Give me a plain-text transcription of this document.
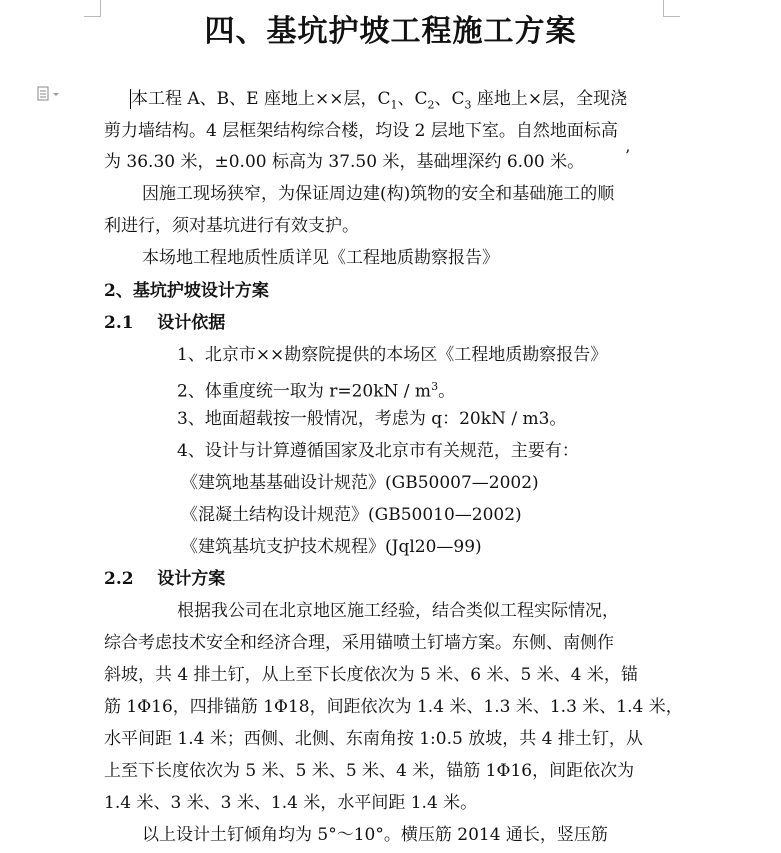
四、基坑护坡工程施工方案
本工程 A、B、E 座地上××层，$C_1$、$C_2$、$C_3$ 座地上×层，全现浇
剪力墙结构。4 层框架结构综合楼，均设 2 层地下室。自然地面标高
为 36.30 米，±0.00 标高为 37.50 米，基础埋深约 6.00 米。	’
因施工现场狭窄，为保证周边建(构)筑物的安全和基础施工的顺
利进行，须对基坑进行有效支护。
本场地工程地质性质详见《工程地质勘察报告》
2、基坑护坡设计方案
2.1    设计依据
1、北京市××勘察院提供的本场区《工程地质勘察报告》
2、体重度统一取为 $r=20kN / m^3$。
3、地面超载按一般情况，考虑为 q：20kN / m3。
4、设计与计算遵循国家及北京市有关规范，主要有：
《建筑地基基础设计规范》(GB50007—2002)
《混凝土结构设计规范》(GB50010—2002)
《建筑基坑支护技术规程》(Jql20—99)
2.2    设计方案
根据我公司在北京地区施工经验，结合类似工程实际情况，
综合考虑技术安全和经济合理，采用锚喷土钉墙方案。东侧、南侧作
斜坡，共 4 排土钉，从上至下长度依次为 5 米、6 米、5 米、4 米，锚
筋 1Φ16，四排锚筋 1Φ18，间距依次为 1.4 米、1.3 米、1.3 米、1.4 米，
水平间距 1.4 米；西侧、北侧、东南角按 1:0.5 放坡，共 4 排土钉，从
上至下长度依次为 5 米、5 米、5 米、4 米，锚筋 1Φ16，间距依次为
1.4 米、3 米、3 米、1.4 米，水平间距 1.4 米。
以上设计土钉倾角均为 5°～10°。横压筋 2014 通长，竖压筋
